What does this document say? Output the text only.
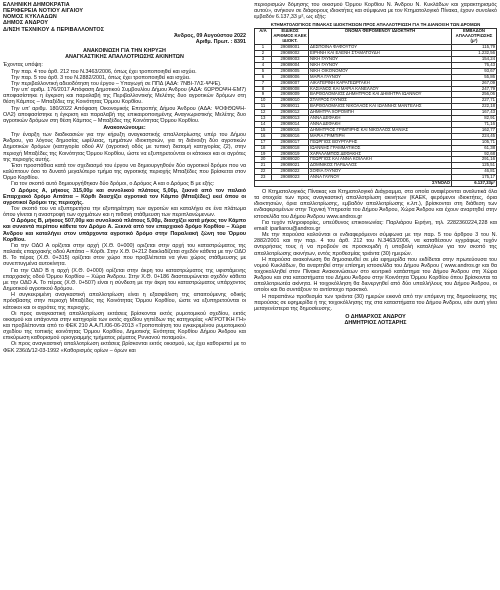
ΕΛΛΗΝΙΚΗ ΔΗΜΟΚΡΑΤΙΑ
ΠΕΡΙΦΕΡΕΙΑ ΝΟΤΙΟΥ ΑΙΓΑΙΟΥ
ΝΟΜΟΣ ΚΥΚΛΑΔΩΝ
ΔΗΜΟΣ ΑΝΔΡΟΥ
Δ/ΝΣΗ ΤΕΧΝΙΚΟΥ & ΠΕΡΙΒΑΛΛΟΝΤΟΣ
Άνδρος, 09 Αυγούστου 2022
Αριθμ. Πρωτ. : 8391
ΑΝΑΚΟΙΝΩΣΗ ΓΙΑ ΤΗΝ ΚΗΡΥΞΗ
ΑΝΑΓΚΑΣΤΙΚΗΣ ΑΠΑΛΛΟΤΡΙΩΣΗΣ ΑΚΙΝΗΤΩΝ

Έχοντας υπόψη:

Την παρ. 4 του άρθ. 212 του Ν.3463/2006, όπως έχει τροποποιηθεί και ισχύει.

Την παρ. 5 του άρθ. 3 του Ν.2882/2001, όπως έχει τροποποιηθεί και ισχύει.

Την περιβαλλοντική αδειοδότηση του έργου – Υπαγωγή σε ΠΠΔ (ΑΔΑ: 7ΝΒΙ-7ΛΣ-ΨΨΕ).

Την υπ' αριθμ. 176/2017 Απόφαση Δημοτικού Συμβουλίου Δήμου Άνδρου (ΑΔΑ: 6ΩΡΘΩΨΗ-ΕΜ7) αποφασίστηκε η έγκριση και παραλαβή της Περιβαλλοντικής Μελέτης δυο αγροτικών δρόμων στη θέση Κάμπος – Μπαξέδες της Κοινότητας Όρμου Κορθίου.

Την υπ' αριθμ. 180/2022 Απόφαση Οικονομικής Επιτροπής Δήμου Άνδρου (ΑΔΑ: ΨΟΦΘΩΨΗ-ΟΛ2) αποφασίστηκε η έγκριση και παραλαβή της επικαιροποιημένης Αναγνωριστικής Μελέτης δυο αγροτικών δρόμων στη θέση Κάμπος – Μπαξέδες της Κοινότητας Όρμου Κορθίου.

Ανακοινώνουμε:

Την έναρξη των διαδικασιών για την κήρυξη αναγκαστικής απαλλοτρίωσης υπέρ του Δήμου Άνδρου, για λόγους δημοσίας ωφέλειας, τμημάτων ιδιοκτησιών, για τη διάνοιξη δύο αγροτικών Δημοτικών δρόμων (κατηγορία οδού ΑV (αγροτική οδός με τυπική διατομή κατηγορίας ζ2), στην περιοχή Μπαξέδες της Κοινότητας Όρμου Κορθίου, ώστε να εξυπηρετούνται οι κάτοικοι και οι αγρότες της περιοχής αυτής.

Έτσι προσπάθεια κατά τον σχεδιασμό του έργου να δημιουργηθούν δύο αγροτικοί δρόμοι που να καλύπτουν όσο το δυνατό μεγαλύτερο τμήμα της αγροτικής περιοχής Μπαξέδες που βρίσκεται στον Όρμο Κορθίου.

Για τον σκοπό αυτό δημιουργήθηκαν δύο δρόμοι, ο Δρόμος Α και ο Δρόμος Β με εξής:

Ο Δρόμος Α, μήκους 315,00μ και συνολικού πλάτους 5,00μ, ξεκινά από τον παλαιό Επαρχιακό δρόμο Αιπάτια – Κόρθι διασχίζει αγροτικά τον Κάμπο (Μπαξέδες) εκεί όπου οι αγροτικοί δρόμοι της περιοχής.

Τον σκοπό του να εξυπηρετήσει την εξυπηρέτηση των αγροτών και καταλήγει σε ένα πλάτωμα όπου γίνεται η αναστροφή των οχημάτων και η πιθανή στάθμευση των περιπλανώμενων.

Ο Δρόμος Β, μήκους 507,00μ και συνολικού πλάτους 5,00μ, διασχίζει κατά μήκος τον Κάμπο και συναντά περίπου κάθετα τον Δρόμο Α. Ξεκινά από τον επαρχιακό δρόμο Κορθίου – Χώρα Άνδρου και καταλήγει στον υπάρχοντα αγροτικό δρόμο στην Παραλιακή ζώνη του Όρμου Κορθίου.

Για την ΟΔΟ Α ορίζεται στην αρχή (Χ.Θ. 0+000) οριζεται στην αρχή του καταστρώματος της παλαιάς επαρχιακής οδού Αιπάτια – Κόρθι. Στην Χ.Θ. 0+212 διακλαδίζεται σχεδόν κάθετα με την ΟΔΟ Β. Το πέρας (Χ.Θ. 0+315) ορίζεται στον χώρο που προβλέπεται να γίνει χώρος στάθμευσης με συνεπτυγμένα αυτοκίνητα.

Για την ΟΔΟ Β η αρχή (Χ.Θ. 0+000) ορίζεται στην άκρη του καταστρώματος της υφιστάμενης επαρχιακής οδού Όρμου Κορθίου – Χώρα Άνδρου. Στην Χ.Θ. 0+186 διασταυρώνεται σχεδόν κάθετα με την ΟΔΟ Α. Το πέρας (Χ.Θ. 0+507) είναι η σύνδεση με την άκρη του καταστρώματος υπάρχοντος Δημοτικού αγροτικού δρόμου.

Η συγκεκριμένη αναγκαστική απαλλοτρίωση είναι η εξασφάλιση της απαιτούμενης οδικής πρόσβασης στην περιοχή Μπαξέδες της Κοινότητας Όρμου Κορθίου, ώστε να εξυπηρετούνται οι κάτοικοι και οι αγρότες της περιοχής.

Οι προς αναγκαστική απαλλοτρίωση εκτάσεις βρίσκονται εκτός ρυμοτομικού σχεδίου, εκτός οικισμού και υπάγονται στην κατηγορία των εκτός σχεδίου γηπέδων της κατηγορίας «ΑΓΡΟΤΙΚΗ ΓΗ» και προβλέπονται από το ΦΕΚ 210 Α.Α.Π./06-06-2013 «Τροποποίηση του εγκεκριμένου ρυμοτομικού σχεδίου της τοπικής κοινότητας Όρμου Κορθίου, Δημοτικής Ενότητας Κορθίου Δήμου Άνδρου και επικύρωση καθορισμού οριογραμμής τμήματος ρέματος Ρυνιανού ποταμού».

Οι προς αναγκαστική απαλλοτρίωση εκτάσεις βρίσκονται εκτός οικισμού, ως έχει καθοριστεί με το ΦΕΚ 236/Δ/12-03-1992 «Καθορισμός ορίων – όρων και

περιορισμών δόμησης του οικισμού Όρμου Κορθίου Ν. Άνδρου Ν. Κυκλάδων και χαρακτηρισμός αυτού», ανήκουν σε διάφορους ιδιοκτήτες και σύμφωνα με τον Κτηματολογικό Πίνακα, έχουν συνολικό εμβαδόν 6.137,33 μ², ως εξής:

ΚΤΗΜΑΤΟΛΟΓΙΚΟΣ ΠΙΝΑΚΑΣ ΙΔΙΟΚΤΗΣΙΩΝ ΠΡΟΣ ΑΠΑΛΛΟΤΡΙΩΣΗ ΓΙΑ ΤΗ ΔΙΑΝΟΙΞΗ ΤΩΝ ΔΡΟΜΩΝ
Α/Α	ΕΙΔΙΚΟΣ ΑΡΙΘΜΟΣ ΚΑΕΚ ΙΔΙΟΚΤ.	ΟΝΟΜΑ ΦΕΡΟΜΕΝΟΥ ΙΔΙΟΚΤΗΤΗ	ΕΜΒΑΔΟΝ ΑΠΑΛΛΟΤΡΙΩΣΗΣ (μ²)
1	29089001	ΔΕΣΠΟΙΝΑ ΦΑΦΟΥΤΟΥ	115,79
2	29089002	ΕΙΡΗΝΗ ΚΑΙ ΕΛΕΝΗ ΣΤΑΜΑΤΟΥΔΗ	1.232,56
3	29089003	ΝΙΚΗ ΓΑΥΝΟΥ	154,24
4	29089004	ΝΙΚΗ ΓΑΥΝΟΥ	76,43
5	29089005	ΝΙΚΗ ΟΙΚΟΝΟΜΟΥ	93,67
6	29089006	ΜΑΡΙΑ ΓΑΥΝΟΥ	55,86
7	29089007	ΑΙΚΑΤΕΡΙΝΗ ΚΑΡΑΓΕΩΡΓΑΚΗ	267,09
8	29089008	ΚΑΣΙΑΝΟΣ ΚΑΙ ΜΑΡΙΑ ΚΑΝΕΛΛΟΥ	247,79
9	29089009	ΒΑΡΘΟΛΟΜΑΙΟΣ ΔΗΜΗΤΡΙΟΣ ΚΑΙ ΔΗΜΗΤΡΑ ΙΩΑΝΝΟΥ	256,06
10	29089010	ΣΤΑΥΡΟΣ ΓΑΥΝΟΣ	227,71
11	29089011	ΒΑΡΘΟΛΟΜΑΙΟΣ ΝΙΚΟΛΑΟΣ ΚΑΙ ΙΩΑΝΝΗΣ ΜΑΝΤΕΛΗΣ	222,18
12	29089012	ΔΗΜΗΤΡΑ ΧΟΡΟΜΠΗ	167,43
13	29089013	ΑΝΝΑ ΔΕΦΑΚΗ	82,91
14	29089014	ΑΝΝΑ ΔΕΦΑΚΗ	71,16
15	29089015	ΔΗΜΗΤΡΙΟΣ ΓΡΙΜΠΙΡΗΣ ΚΑΙ ΝΙΚΟΛΑΟΣ ΜΑΝΙΑΣ	162,77
16	29089016	ΜΑΡΙΑ ΓΡΙΜΠΙΡΗ	224,45
17	29089017	ΓΕΩΡΓΙΟΣ ΒΟΥΡΓΑΡΗΣ	105,71
18	29089018	ΙΩΑΝΝΗΣ ΓΡΑΜΜΑΤΙΚΟΣ	61,38
19	29089019	ΧΑΡΑΛΑΜΠΟΣ ΔΕΦΑΚΗΣ	92,68
20	29089020	ΓΕΩΡΓΙΟΣ ΚΑΙ ΑΝΝΑ ΚΟΙΛΑΚΗ	291,16
21	29089021	ΔΟΜΝΙΚΟΣ ΠΑΡΔΑΛΟΣ	125,51
22	29089022	ΣΟΦΙΑ ΓΑΥΝΟΥ	46,81
23	29089023	ΑΝΝΑ ΓΑΥΝΟΥ	175,17
ΣΥΝΟΛΟ			6.137,33μ²

Ο Κτηματολογικός Πίνακας και Κτηματολογικό Διάγραμμα, στα οποία αναφέρονται αναλυτικά όλα τα στοιχεία των προς αναγκαστική απαλλοτρίωση ακινήτων (ΚΑΕΚ, φερόμενοι ιδιοκτήτες, όρια ιδιοκτησιών, όρια απαλλοτρίωσης, εμβαδόν απαλλοτρίωσης κ.λπ.), βρίσκονται στη διάθεση των ενδιαφερομένων στην Τεχνική Υπηρεσία του Δήμου Άνδρου, Χώρα Άνδρου και έχουν αναρτηθεί στην ιστοσελίδα του Δήμου Άνδρου www.andros.gr

Για τυχόν πληροφορίες, υπεύθυνος επικοινωνίας: Παρλιάρου Ειρήνη, τηλ. 2282360224,228 και email: iparliarou@andros.gr

Με την παρούσα καλούνται οι ενδιαφερόμενοι σύμφωνα με την παρ. 5 του άρθρου 3 του Ν. 2882/2001 και την παρ. 4 του άρθ. 212 του Ν.3463/2006, να καταθέσουν εγγράφως τυχόν αντιρρήσεις τους ή να προβούν σε προσκομιδή ή υποβολή καταλήλων για τον σκοπό της απαλλοτρίωσης ακινήτων, εντός προθεσμίας τριάντα (30) ημερών.

Η παρούσα ανακοίνωση θα δημοσιευθεί σε μία εφημερίδα που εκδίδεται στην πρωτεύουσα του νομού Κυκλάδων, θα αναρτηθεί στην επίσημη ιστοσελίδα του Δήμου Άνδρου ( www.andros.gr και θα τοιχοκολληθεί στον Πίνακα Ανακοινώσεων στο κεντρικό κατάστημα του Δήμου Άνδρου στη Χώρα Άνδρου και στα καταστήματα του Δήμου Άνδρου στην Κοινότητα Όρμου Κορθίου όπου βρίσκονται τα απαλλοτριωτέα ακίνητα. Η τοιχοκόλληση θα διενεργηθεί από δύο υπαλλήλους του Δήμου Άνδρου, οι οποίοι και θα συντάξουν το αντίστοιχο πρακτικό.

Η παραπάνω προθεσμία των τριάντα (30) ημερών εκκινά από την επόμενη της δημοσίευσης της παρούσας σε εφημερίδα ή της τοιχοκόλλησης της στα καταστήματα του Δήμου Άνδρου, εάν αυτή γίνει μεταγενέστερα της δημοσίευσης.

Ο ΔΗΜΑΡΧΟΣ ΑΝΔΡΟΥ
ΔΗΜΗΤΡΙΟΣ ΛΟΤΣΑΡΗΣ
